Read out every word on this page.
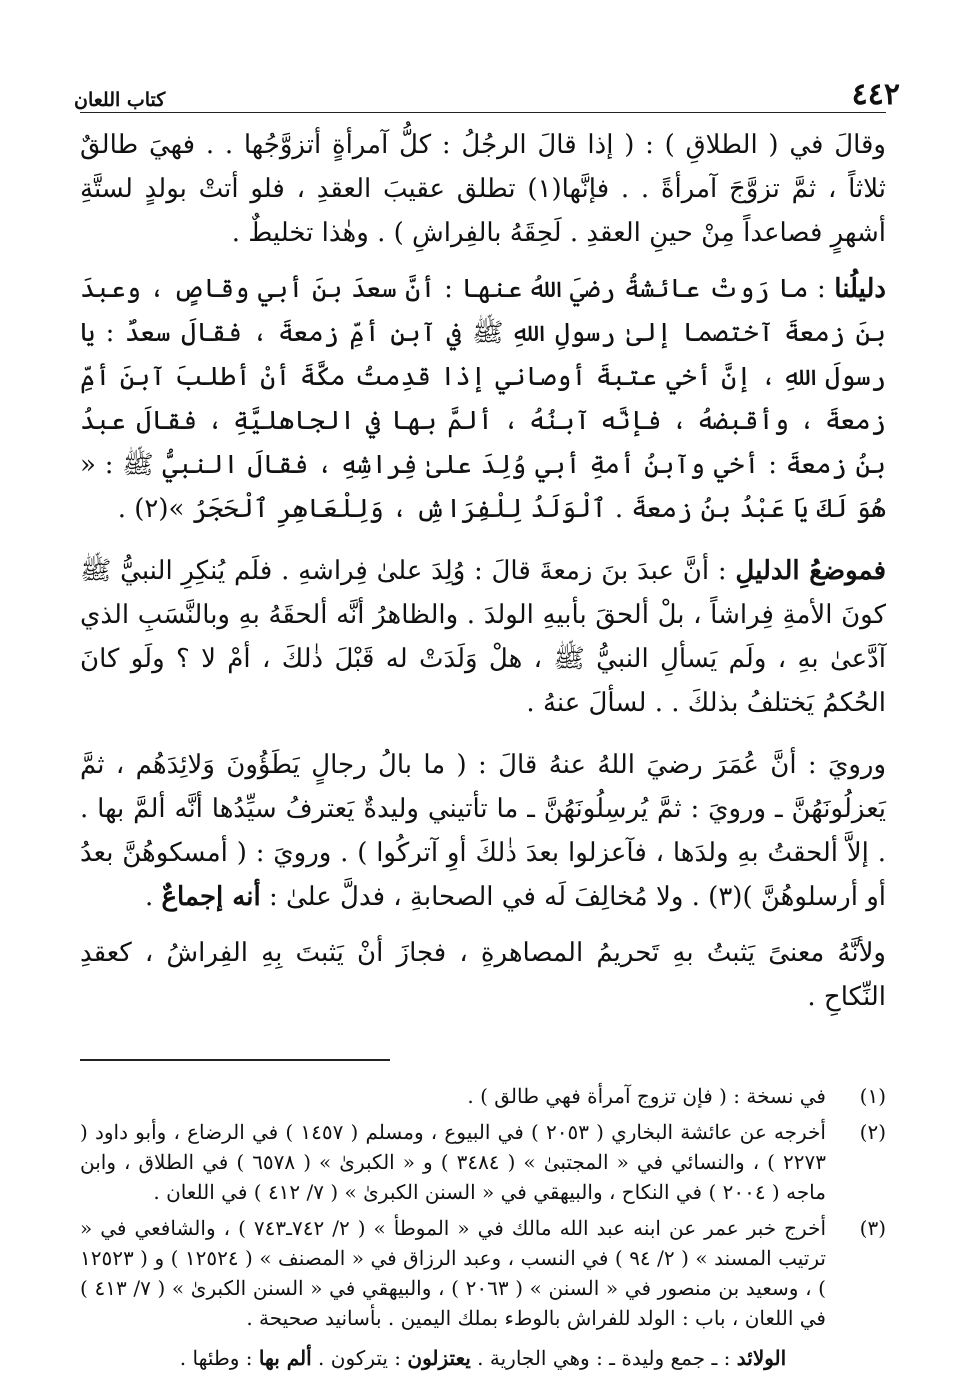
٤٤٢
كتاب اللعان

وقالَ في ( الطلاقِ ) : ( إذا قالَ الرجُلُ : كلُّ آمرأةٍ أتزوَّجُها . . فهيَ طالقٌ ثلاثاً ، ثمَّ تزوَّجَ آمرأةً . . فإنَّها(١) تطلق عقيبَ العقدِ ، فلو أتتْ بولدٍ لستَّةِ أشهرٍ فصاعداً مِنْ حينِ العقدِ . لَحِقَهُ بالفِراشِ ) . وهٰذا تخليطٌ .

دليلُنا : ما رَوتْ عائشةُ رضيَ اللهُ عنها : أنَّ سعدَ بنَ أبي وقاصٍ ، وعبدَ بنَ زمعةَ آختصما إلىٰ رسولِ اللهِ ﷺ في آبنِ أمِّ زمعةَ ، فقالَ سعدٌ : يا رسولَ اللهِ ، إنَّ أخي عتبةَ أوصاني إذا قدِمتُ مكَّةَ أنْ أطلبَ آبنَ أمِّ زمعةَ ، وأقبضهُ ، فإنَّه آبنُهُ ، ألمَّ بها في الجاهليَّةِ ، فقالَ عبدُ بنُ زمعةَ : أخي وآبنُ أمةِ أبي وُلِدَ علىٰ فِراشِهِ ، فقالَ النبيُّ ﷺ : « هُوَ لَكَ يَا عَبْدُ بنُ زمعةَ . ٱلْوَلَدُ لِلْفِرَاشِ ، وَلِلْعَاهِرِ ٱلْحَجَرُ »(٢) .

فموضعُ الدليلِ : أنَّ عبدَ بنَ زمعةَ قالَ : وُلِدَ علىٰ فِراشهِ . فلَم يُنكِرِ النبيُّ ﷺ كونَ الأمةِ فِراشاً ، بلْ ألحقَ بأبيهِ الولدَ . والظاهرُ أنَّه ألحقَهُ بهِ وبالنَّسَبِ الذي آدَّعىٰ بهِ ، ولَم يَسألِ النبيُّ ﷺ ، هلْ وَلَدَتْ له قَبْلَ ذٰلكَ ، أمْ لا ؟ ولَو كانَ الحُكمُ يَختلفُ بذلكَ . . لسألَ عنهُ .

ورويَ : أنَّ عُمَرَ رضيَ اللهُ عنهُ قالَ : ( ما بالُ رجالٍ يَطَؤُونَ وَلائِدَهُم ، ثمَّ يَعزلُونَهُنَّ ـ ورويَ : ثمَّ يُرسِلُونَهُنَّ ـ ما تأتيني وليدةٌ يَعترفُ سيِّدُها أنَّه ألمَّ بها . . إلاَّ ألحقتُ بهِ ولدَها ، فآعزلوا بعدَ ذٰلكَ أوِ آتركُوا ) . ورويَ : ( أمسكوهُنَّ بعدُ أو أرسلوهُنَّ )(٣) . ولا مُخالِفَ لَه في الصحابةِ ، فدلَّ علىٰ : أنه إجماعٌ .

ولأنَّهُ معنىً يَثبتُ بهِ تَحريمُ المصاهرةِ ، فجازَ أنْ يَثبتَ بِهِ الفِراشُ ، كعقدِ النِّكاحِ .

(١)
في نسخة : ( فإن تزوج آمرأة فهي طالق ) .
(٢)
أخرجه عن عائشة البخاري ( ٢٠٥٣ ) في البيوع ، ومسلم ( ١٤٥٧ ) في الرضاع ، وأبو داود ( ٢٢٧٣ ) ، والنسائي في « المجتبىٰ » ( ٣٤٨٤ ) و « الكبرىٰ » ( ٦٥٧٨ ) في الطلاق ، وابن ماجه ( ٢٠٠٤ ) في النكاح ، والبيهقي في « السنن الكبرىٰ » ( ٧/ ٤١٢ ) في اللعان .
(٣)
أخرج خبر عمر عن ابنه عبد الله مالك في « الموطأ » ( ٢/ ٧٤٢ـ٧٤٣ ) ، والشافعي في « ترتيب المسند » ( ٢/ ٩٤ ) في النسب ، وعبد الرزاق في « المصنف » ( ١٢٥٢٤ ) و ( ١٢٥٢٣ ) ، وسعيد بن منصور في « السنن » ( ٢٠٦٣ ) ، والبيهقي في « السنن الكبرىٰ » ( ٧/ ٤١٣ ) في اللعان ، باب : الولد للفراش بالوطء بملك اليمين . بأسانيد صحيحة .
الولائد : ـ جمع وليدة ـ : وهي الجارية . يعتزلون : يتركون . ألم بها : وطئها .
